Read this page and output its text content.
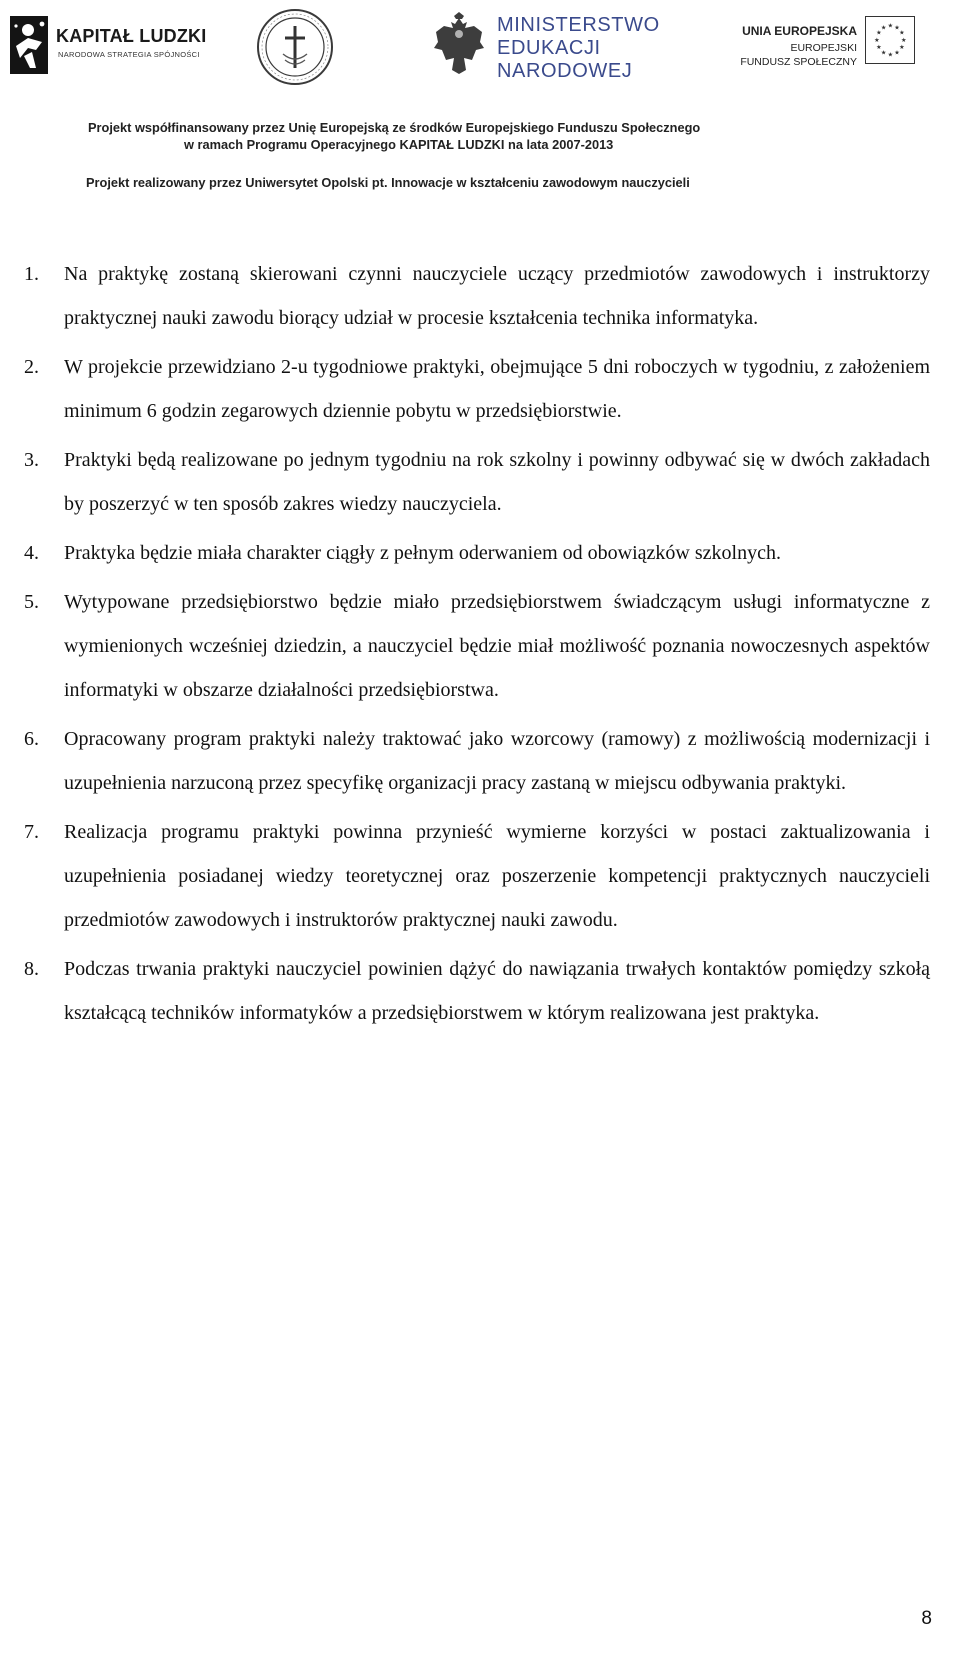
KAPITAŁ LUDZKI
NARODOWA STRATEGIA SPÓJNOŚCI
MINISTERSTWO
EDUKACJI
NARODOWEJ
UNIA EUROPEJSKA
EUROPEJSKI
FUNDUSZ SPOŁECZNY
★ ★
★
★
★
★
★
★
★
★
★
★
Projekt współfinansowany przez Unię Europejską ze środków Europejskiego Funduszu Społecznego
w ramach Programu Operacyjnego KAPITAŁ LUDZKI na lata 2007-2013
Projekt realizowany przez Uniwersytet Opolski pt. Innowacje w kształceniu zawodowym nauczycieli
1.	Na praktykę zostaną skierowani czynni nauczyciele uczący przedmiotów zawodowych i instruktorzy praktycznej nauki zawodu biorący udział w procesie kształcenia technika informatyka.
2.	W projekcie przewidziano 2-u tygodniowe praktyki, obejmujące 5 dni roboczych w tygodniu, z założeniem minimum 6 godzin zegarowych dziennie pobytu w przedsiębiorstwie.
3.	Praktyki będą realizowane po jednym tygodniu na rok szkolny i powinny odbywać się w dwóch zakładach by poszerzyć w ten sposób zakres wiedzy nauczyciela.
4.	Praktyka będzie miała charakter ciągły z pełnym oderwaniem od obowiązków szkolnych.
5.	Wytypowane przedsiębiorstwo będzie miało przedsiębiorstwem świadczącym usługi informatyczne z wymienionych wcześniej dziedzin, a nauczyciel będzie miał możliwość poznania nowoczesnych aspektów informatyki w obszarze działalności przedsiębiorstwa.
6.	Opracowany program praktyki należy traktować jako wzorcowy (ramowy) z możliwością modernizacji i uzupełnienia narzuconą przez specyfikę organizacji pracy zastaną w miejscu odbywania praktyki.
7.	Realizacja programu praktyki powinna przynieść wymierne korzyści w postaci zaktualizowania i uzupełnienia posiadanej wiedzy teoretycznej oraz poszerzenie kompetencji praktycznych nauczycieli przedmiotów zawodowych i instruktorów praktycznej nauki zawodu.
8.	Podczas trwania praktyki nauczyciel powinien dążyć do nawiązania trwałych kontaktów pomiędzy szkołą kształcącą techników informatyków a przedsiębiorstwem w którym realizowana jest praktyka.
8
